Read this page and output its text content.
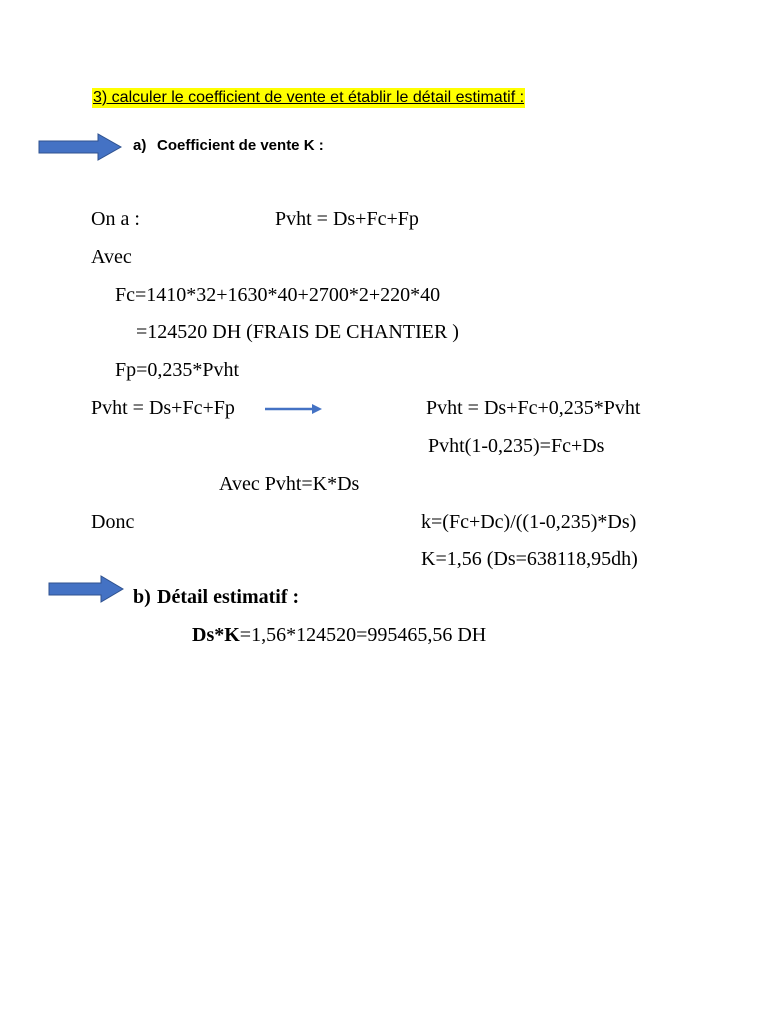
3) calculer le coefficient de vente et établir le détail estimatif :
a) Coefficient de vente K :
On a :	Pvht = Ds+Fc+Fp
Avec
Fc=1410*32+1630*40+2700*2+220*40
=124520 DH (FRAIS DE CHANTIER )
Fp=0,235*Pvht
Pvht = Ds+Fc+Fp	Pvht = Ds+Fc+0,235*Pvht
Pvht(1-0,235)=Fc+Ds
Avec Pvht=K*Ds
Donc	k=(Fc+Dc)/((1-0,235)*Ds)
K=1,56 (Ds=638118,95dh)
b) Détail estimatif :
Ds*K=1,56*124520=995465,56 DH
